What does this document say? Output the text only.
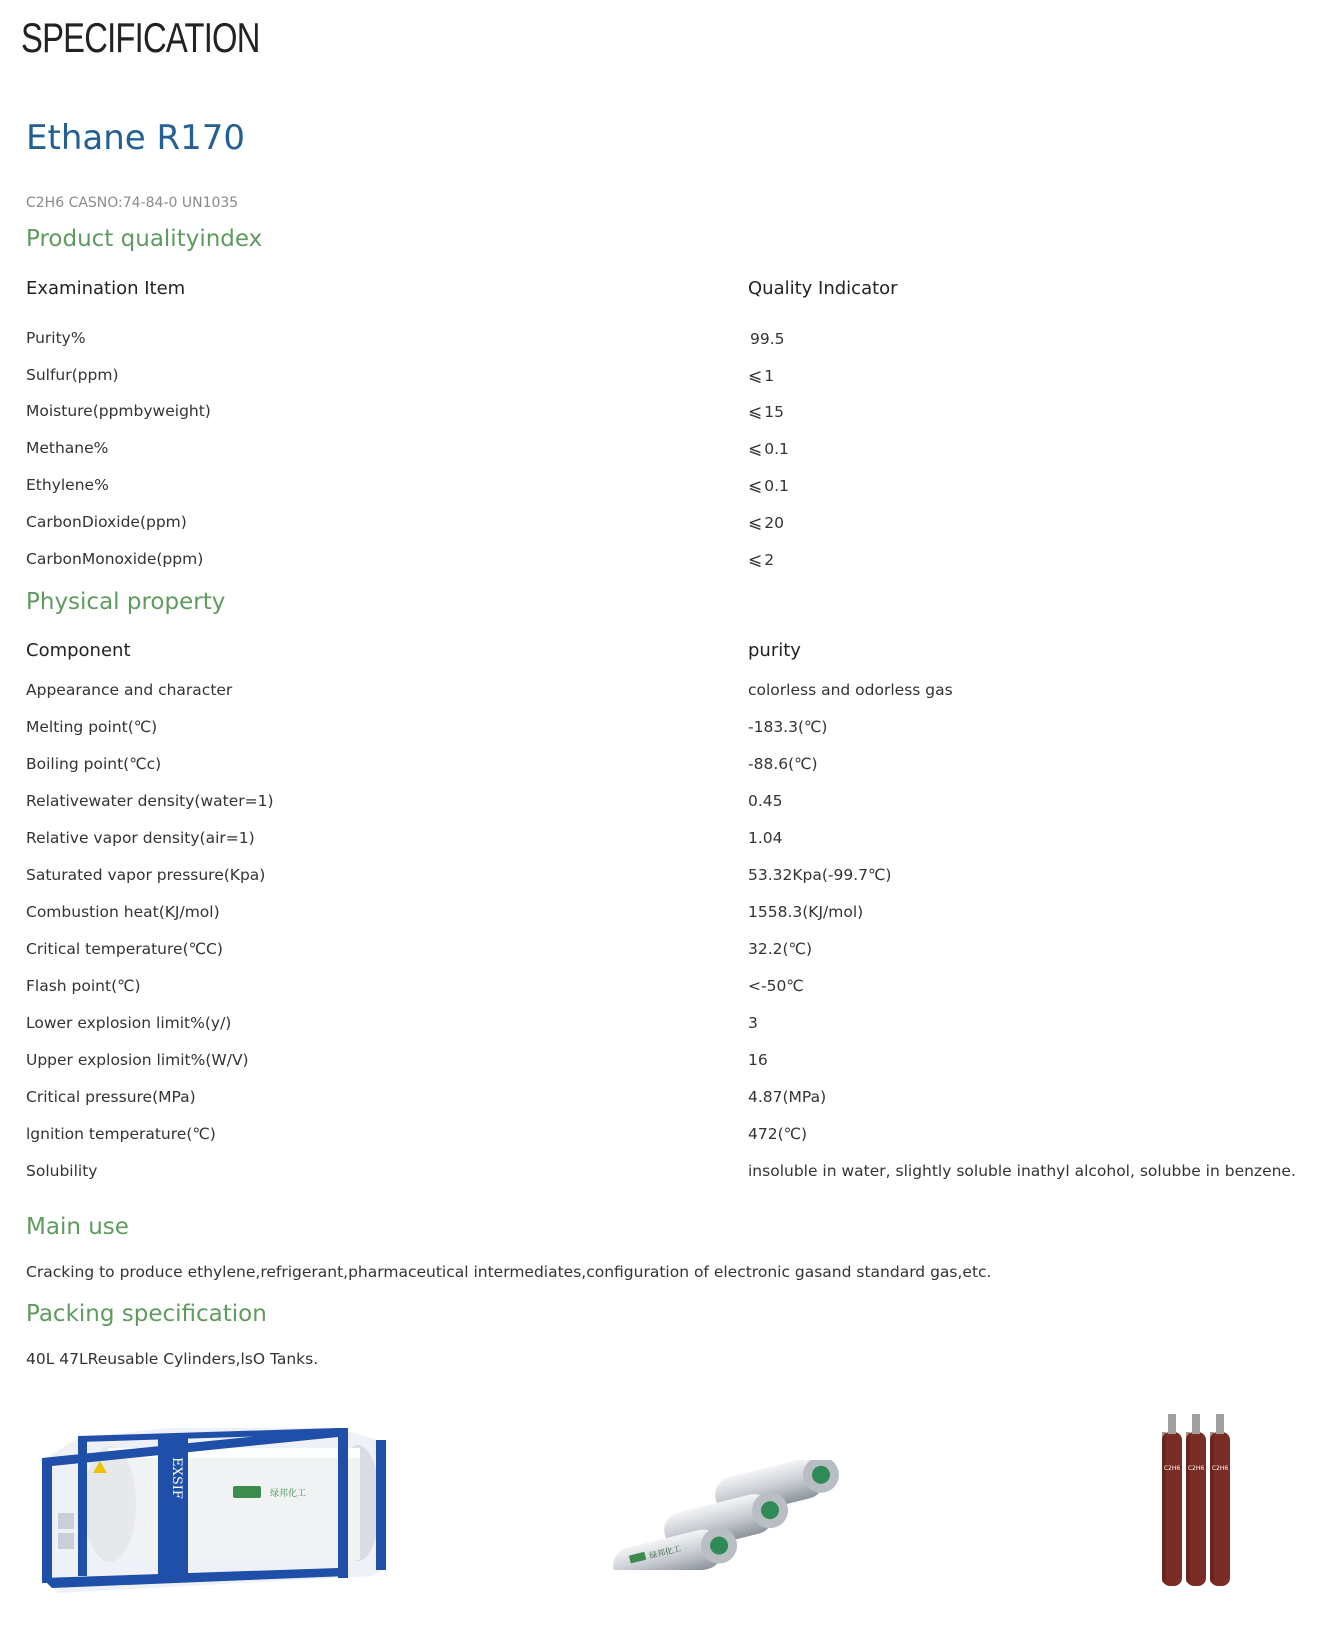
SPECIFICATION
Ethane R170
C2H6 CASNO:74-84-0 UN1035
Product qualityindex
Examination Item	Quality Indicator
Purity%	99.5
Sulfur(ppm)	⩽ 1
Moisture(ppmbyweight)	⩽ 15
Methane%	⩽ 0.1
Ethylene%	⩽ 0.1
CarbonDioxide(ppm)	⩽ 20
CarbonMonoxide(ppm)	⩽ 2
Physical property
Component	purity
Appearance and character	colorless and odorless gas
Melting point(℃)	-183.3(℃)
Boiling point(℃c)	-88.6(℃)
Relativewater density(water=1)	0.45
Relative vapor density(air=1)	1.04
Saturated vapor pressure(Kpa)	53.32Kpa(-99.7℃)
Combustion heat(KJ/mol)	1558.3(KJ/mol)
Critical temperature(℃C)	32.2(℃)
Flash point(℃)	<-50℃
Lower explosion limit%(y/)	3
Upper explosion limit%(W/V)	16
Critical pressure(MPa)	4.87(MPa)
lgnition temperature(℃)	472(℃)
Solubility	insoluble in water, slightly soluble inathyl alcohol, solubbe in benzene.
Main use
Cracking to produce ethylene,refrigerant,pharmaceutical intermediates,configuration of electronic gasand standard gas,etc.
Packing specification
40L 47LReusable Cylinders,lsO Tanks.
EXSIF	绿邦化工
绿邦化工
C2H6 C2H6 C2H6
